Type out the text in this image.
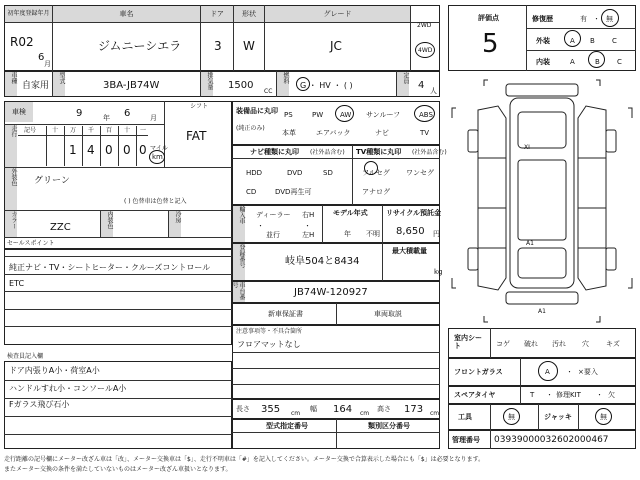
初年度登録年月
R02
6
月
車名
ジムニーシエラ
ドア
3
形状
W
グレード
JC
2WD
4WD
車種
自家用
型式
3BA-JB74W	排気量 1500
CC
燃料
G ・ HV ・ ( )
定員
4 人
車検	9	年 6	月
シフト
FAT
走行 記号	十 万 千 百 十 一
1 4 0 0 0 マイル
km
外装色 グリーン
( ) 色替車は色替と記入
カラー	ZZC	内装色	冷房
セールスポイント
純正ナビ・TV・シートヒーター・クルーズコントロール
ETC
検査員記入欄
ドア内張りA小・荷室A小
ハンドルすれ小・コンソールA小
Fガラス飛び石小
装備品に丸印
(純正のみ)
PS	PW AW サンルーフ	ABS
本革	エアバック	ナビ	TV
ナビ種類に丸印 (社外品含む) TV種類に丸印 (社外品含む)
HDD	DVD	SD
CD	DVD再生可
フルセグ ワンセグ
アナログ
輸入車 ディーラー
・
並行
右H
・
左H
モデル年式
年 不明
リサイクル預託金
8,650 円
登録番号	岐阜504と8434
最大積載量
kg
車台番号
JB74W-120927
新車保証書	車両取説
注意事項等・不具合箇所
フロアマットなし
長さ 355 cm
幅 164 cm
高さ 173 cm
型式指定番号	類別区分番号
評価点
5
修復歴	有 ・ 無
外装	A B C
内装	A	B C
XI
A1
A1
室内シート	コゲ 破れ 汚れ 穴 キズ
フロントガラス	A ・ ×要入
スペアタイヤ	T ・ 修理KIT ・ 欠
工具	無	ジャッキ	無
管理番号 03939000032602000467
走行距離の記号欄にメーター改ざん車は「改」、メーター交換車は「$」、走行不明車は「#」を記入してください。メーター交換で合算表示した場合にも「$」は必要となります。
またメーター交換の条件を満たしていないものはメーター改ざん車扱いとなります。
